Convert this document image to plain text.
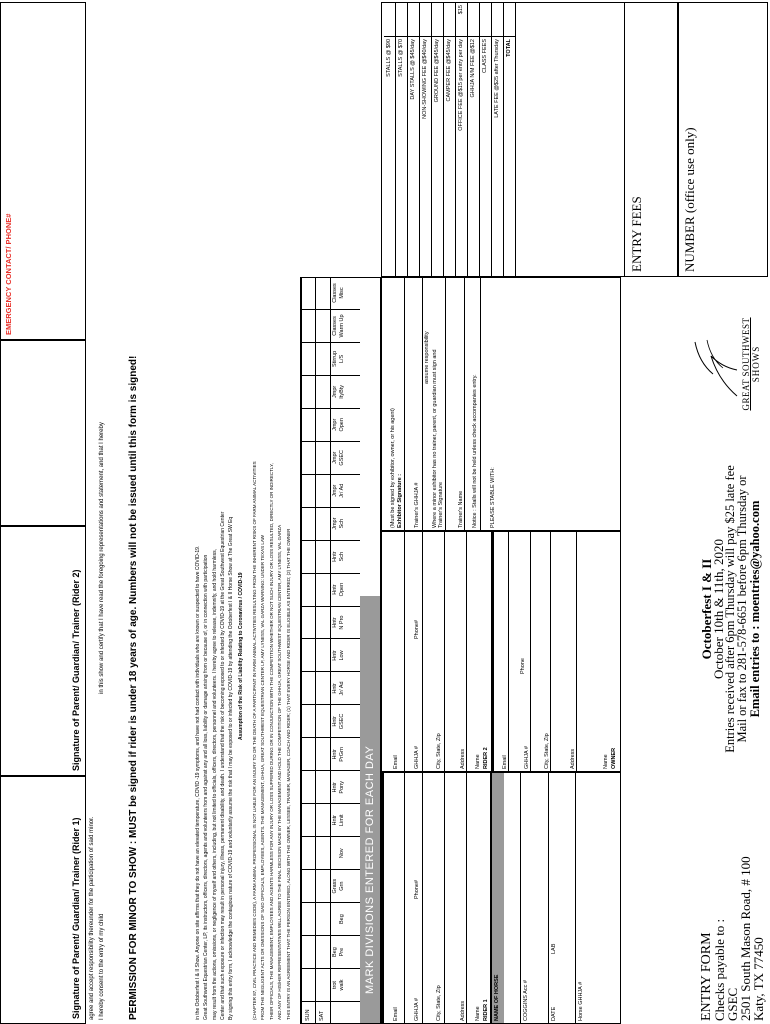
ENTRY FORM
Checks payable to :
GSEC
2501 South Mason Road, # 100
Katy, TX 77450
Octoberfest I & II
October 10th & 11th, 2020
Entries received after 6pm Thursday will pay $25 late fee
Mail or fax to 281-578-6651 before 6pm Thursday or Email entries to : moentries@yahoo.com
GREAT SOUTHWEST SHOWS
NUMBER (office use only)
ENTRY FEES
NAME OF HORSE	COGGINS Acc #	DATE
LAB
Horse GHHJA #
RIDER 1
Name
Address
City, State, Zip
GHHJA #
Phone#
Email
OWNER
Name
Address
City, State, Zip
GHHJA #
Phone
Email
RIDER 2
Name
Address
City, State, Zip
GHHJA #
Phone#
Email
PLEASE STABLE WITH:
Notice : Stalls will not be held unless check accompanies entry.
Trainer's Name
Trainer's Signature
Where a minor exhibitor has no trainer, parent, or guardian must sign and
assume responsibility
Trainer's GHHJA #
Exhibitor Signature :
(Must be signed by exhibitor, owner, or his agent)
STALLS @ $90 STALLS @ $70 DAY STALLS @ $45/day NON-SHOWING FEE @$40/day GROUND FEE @$45/day CAMPER FEE @$45/day OFFICE FEE @$15 per entry per day
$15
GHHJA N/M FEE @$12 CLASS FEES LATE FEE @$25 after Thursday TOTAL
MARK DIVISIONS ENTERED FOR EACH DAY
SAT
SUN
walk
trot
Pre
Beg
Beg
Grn
Grass
Nov
Limit
Hntr
Pony
Hntr
PrGrn
Hntr
GSEC
Hntr
Jr/ Ad
Hntr
Low
Hntr
N Pro
Hntr
Open
Hntr
Sch
Hntr
Sch
Jmpr
Jr/ Ad
Jmpr
GSEC
Jmpr
Open
Jmpr
ItyBty
Jmpr
L/S
Stirrup
Warm Up
Classes
Misc
Classes
THIS ENTRY IS AN AGREEMENT THAT THE PERSON ENTERED, ALONG WITH THE OWNER, LESSEE, TRAINER, MANAGER, COACH AND RIDER; (1) THAT EVERY HORSE AND RIDER IS ELIGIBLE AS ENTERED; (2) THAT THE OWNER
AND ANY OF HIS/HER REPRESENTATIVES WILL AGREE TO THE FINAL DECISION MADE BY THE MANAGEMENT AND HOLD THE COMPETITION OF THE GHHJA, GREAT SOUTHWEST EQUESTRIAN CENTER, AMY LYNESS, VAL GARZA
THEIR OFFICIALS, THE MANAGEMENT, EMPLOYEES AND AGENTS HARMLESS FOR ANY INJURY OR LOSS SUFFERED DURING OR IN CONJUNCTION WITH THE COMPETITION WHETHER OR NOT SUCH INJURY OR LOSS RESULTED, DIRECTLY OR INDIRECTLY,
FROM THE NEGLIGENT ACTS OR OMISSIONS OF SAID OFFICIALS, EMPLOYEES, AGENTS. THE MANAGEMENT, GHHJA, GREAT SOUTHWEST EQUESTRIAN CENTER LP, AMY LYNESS, VAL GARZA WARNING: UNDER TEXAS LAW
(CHAPTER 87, CIVIL PRACTICE AND REMEDIES CODE), A FARM ANIMAL PROFESSIONAL IS NOT LIABLE FOR AN INJURY TO OR THE DEATH OF A PARTICIPANT IN FARM ANIMAL ACTIVITIES RESULTING FROM THE INHERENT RISKS OF FARM ANIMAL ACTIVITIES
Assumption of the Risk of Liability Relating to Coronavirus / COVID-19
By signing this entry form, I acknowledge the contagious nature of COVID-19 and voluntarily assume the risk that I may be exposed to or infected by COVID-19 by attending the Octoberfest I & II Horse Show at The Great SW Eq
Center and that such exposure or infection may result in personal injury, illness, permanent disability, and death. I understand that the risk of becoming exposed to or infected by COVID-19 at the Great Southwest Equestrian Center
may result from the actions, omissions, or negligence of myself and others, including, but not limited to officials, officers, directors, personnel and volunteers. I hereby agree to release, indemnify, and hold harmless,
Great Southwest Equestrian Center, LP, its instructors, officers, directors, agents and volunteers from and against any and all loss, liability or damage arising from or because of, or in connection with participation
in the Octoberfest I & II Show. Anyone on site affirms that they do not have an elevated temperature, COVID -19 symptoms, and have not had contact with individuals who are known or suspected to have COVID-19.
PERMISSION FOR MINOR TO SHOW : MUST be signed if rider is under 18 years of age. Numbers will not be issued until this form is signed!
I hereby consent to the entry of my child
in this show and certify that I have read the foregoing representations and statement, and that I hereby
agree and accept responsibility thereunder for the participation of said minor.
Signature of Parent/ Guardian/ Trainer (Rider 1)
Signature of Parent/ Guardian/ Trainer (Rider 2)
EMERGENCY CONTACT/ PHONE#
